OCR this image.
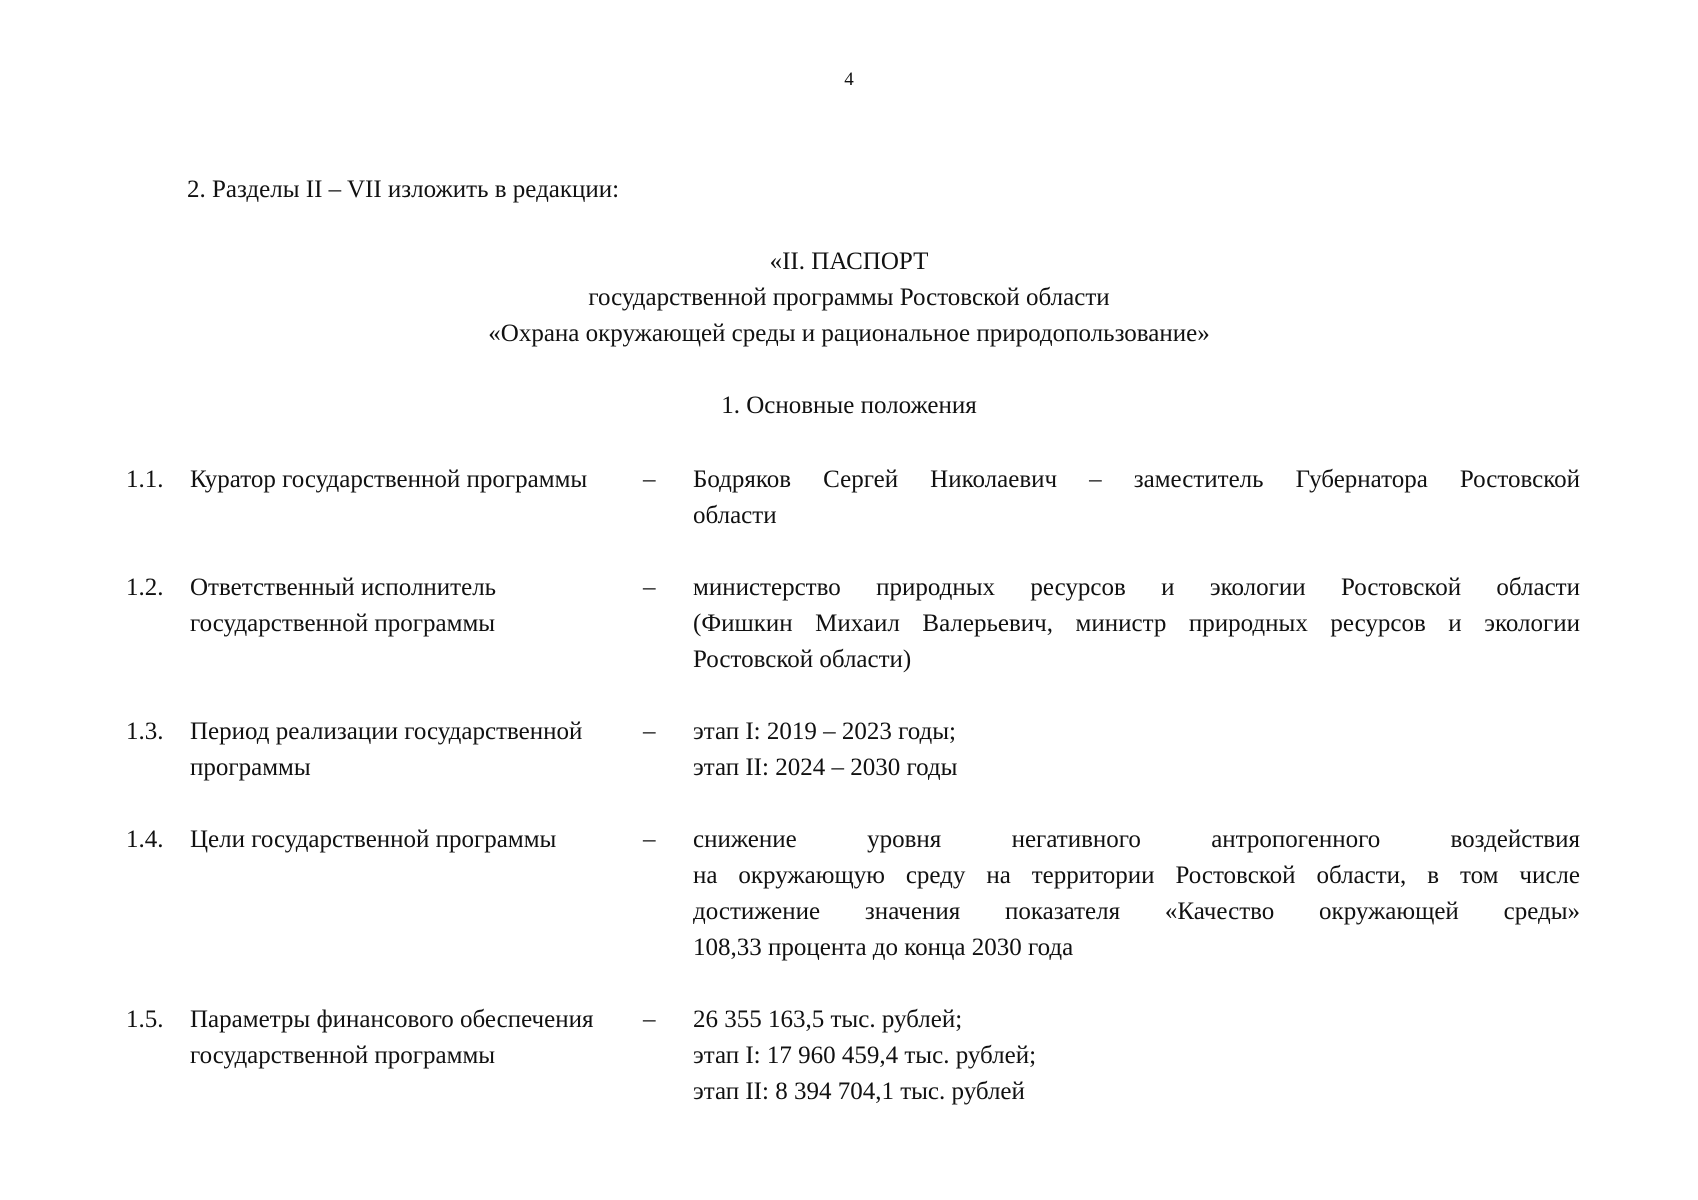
4
2. Разделы II – VII изложить в редакции:
«II. ПАСПОРТ
государственной программы Ростовской области
«Охрана окружающей среды и рациональное природопользование»
1. Основные положения
1.1. Куратор государственной программы	– Бодряков Сергей Николаевич – заместитель Губернатора Ростовской
области
1.2. Ответственный исполнитель государственной программы
– министерство природных ресурсов и экологии Ростовской области
(Фишкин Михаил Валерьевич, министр природных ресурсов и экологии
Ростовской области)
1.3. Период реализации государственной программы
– этап I: 2019 – 2023 годы;
этап II: 2024 – 2030 годы
1.4. Цели государственной программы	– снижение уровня негативного антропогенного воздействия
на окружающую среду на территории Ростовской области, в том числе
достижение значения показателя «Качество окружающей среды»
108,33 процента до конца 2030 года
1.5. Параметры финансового обеспечения государственной программы
– 26 355 163,5 тыс. рублей;
этап I: 17 960 459,4 тыс. рублей;
этап II: 8 394 704,1 тыс. рублей
